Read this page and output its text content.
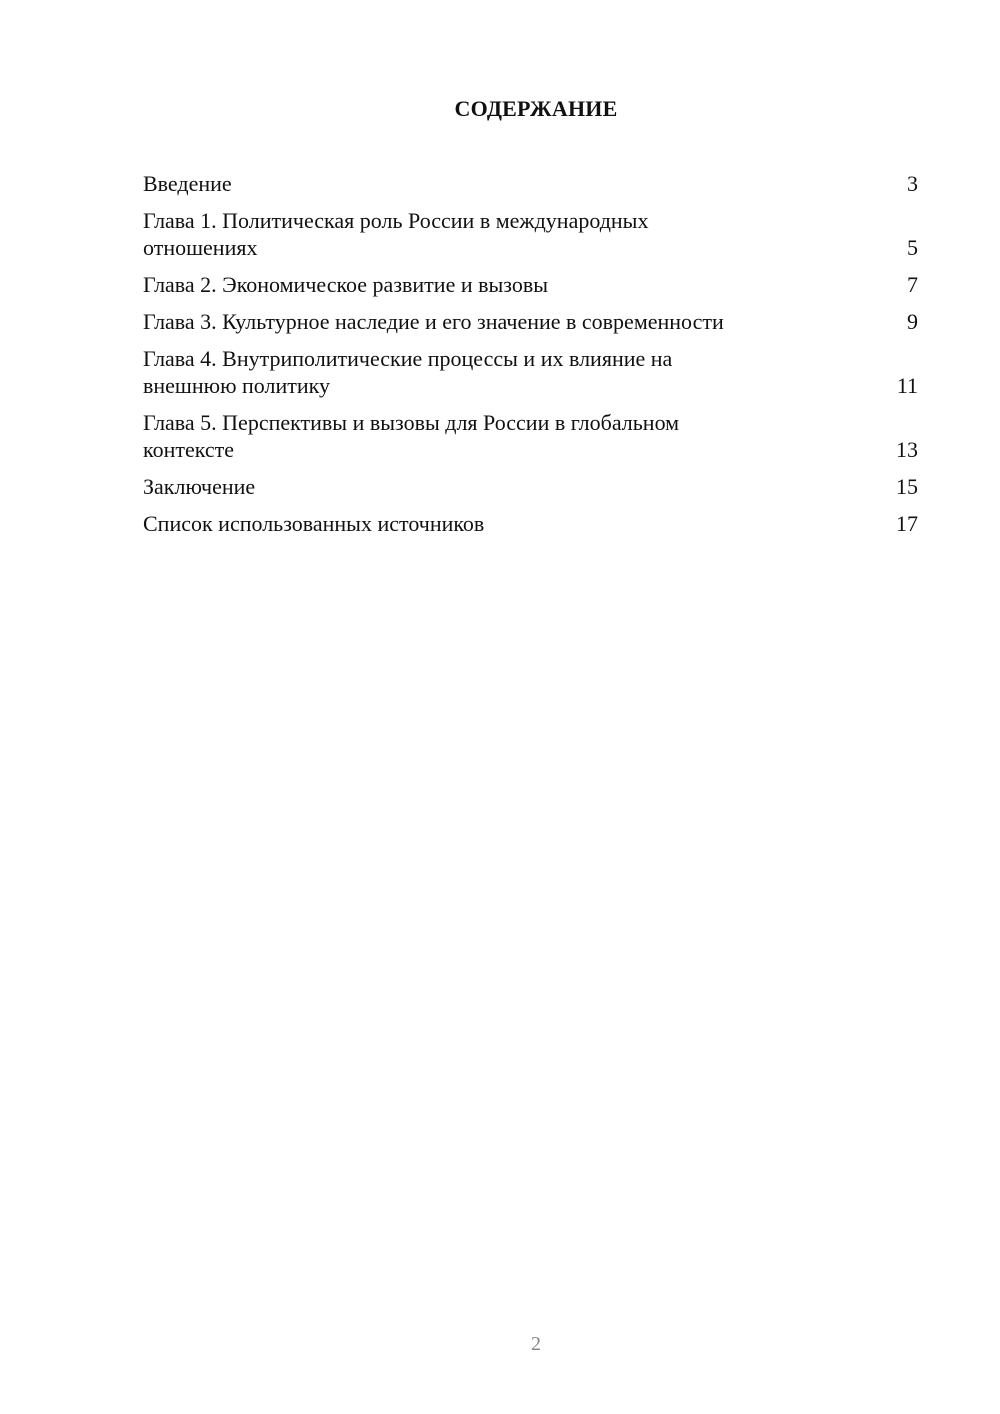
СОДЕРЖАНИЕ
Введение	3
Глава 1. Политическая роль России в международных отношениях	5
Глава 2. Экономическое развитие и вызовы	7
Глава 3. Культурное наследие и его значение в современности	9
Глава 4. Внутриполитические процессы и их влияние на внешнюю политику	11
Глава 5. Перспективы и вызовы для России в глобальном контексте	13
Заключение	15
Список использованных источников	17
2
